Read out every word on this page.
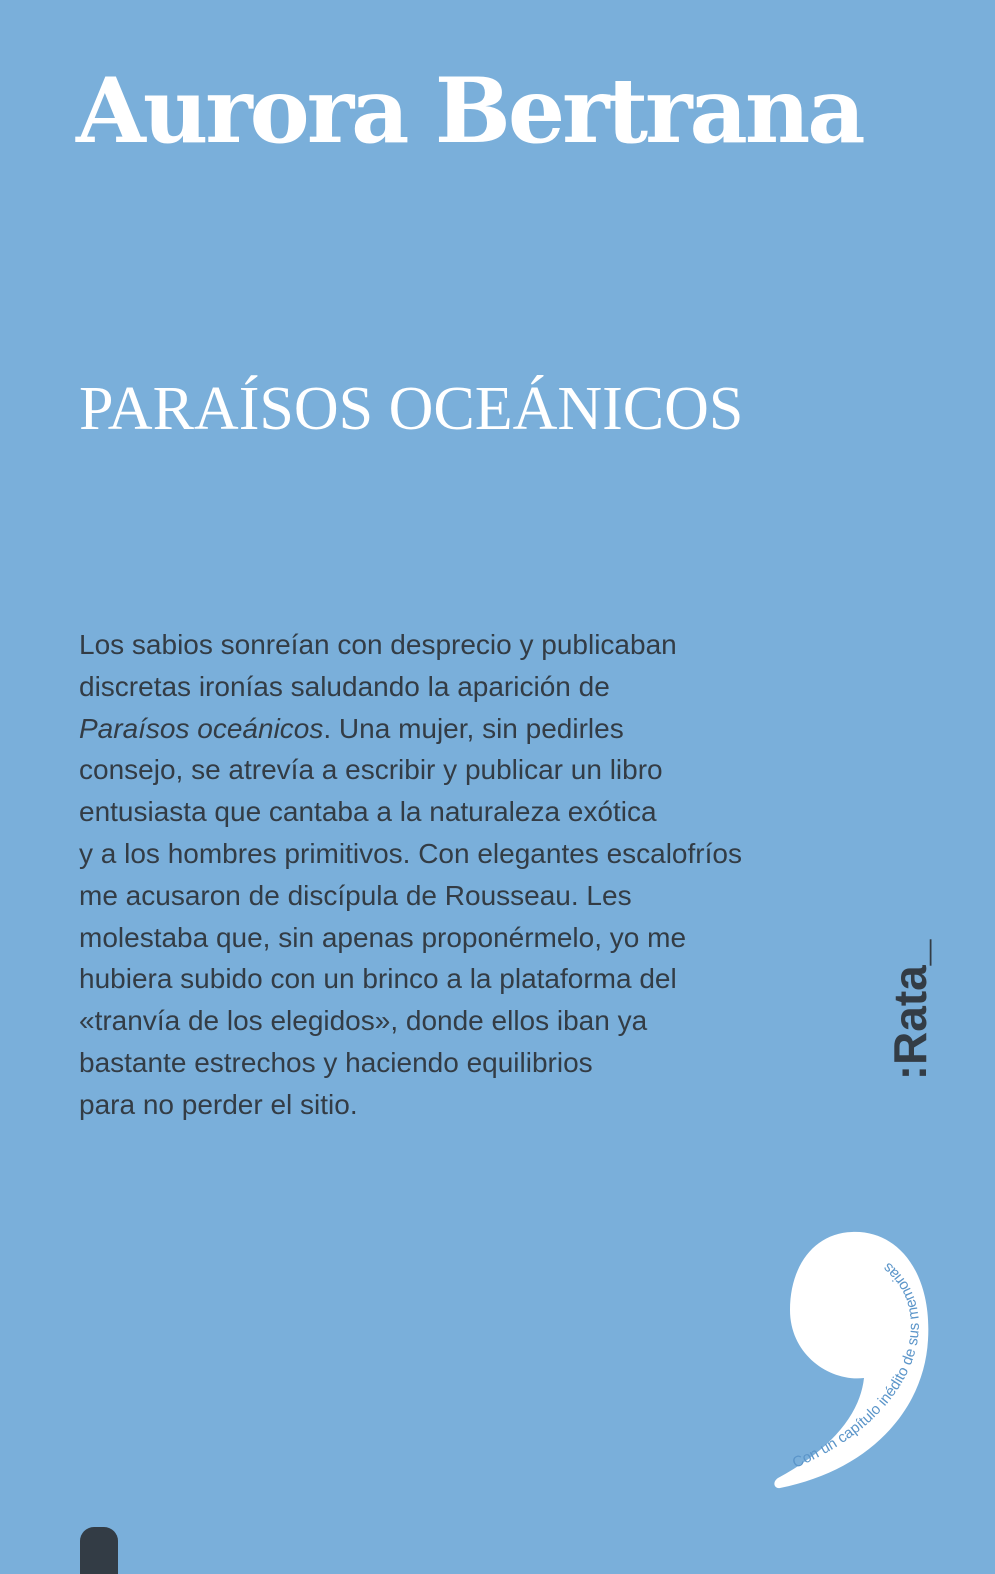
Aurora Bertrana
PARAÍSOS OCEÁNICOS

Los sabios sonreían con desprecio y publicaban
discretas ironías saludando la aparición de
Paraísos oceánicos. Una mujer, sin pedirles
consejo, se atrevía a escribir y publicar un libro
entusiasta que cantaba a la naturaleza exótica
y a los hombres primitivos. Con elegantes escalofríos
me acusaron de discípula de Rousseau. Les
molestaba que, sin apenas proponérmelo, yo me
hubiera subido con un brinco a la plataforma del
«tranvía de los elegidos», donde ellos iban ya
bastante estrechos y haciendo equilibrios
para no perder el sitio.

:Rata_
Con un capítulo inédito de sus memorias
